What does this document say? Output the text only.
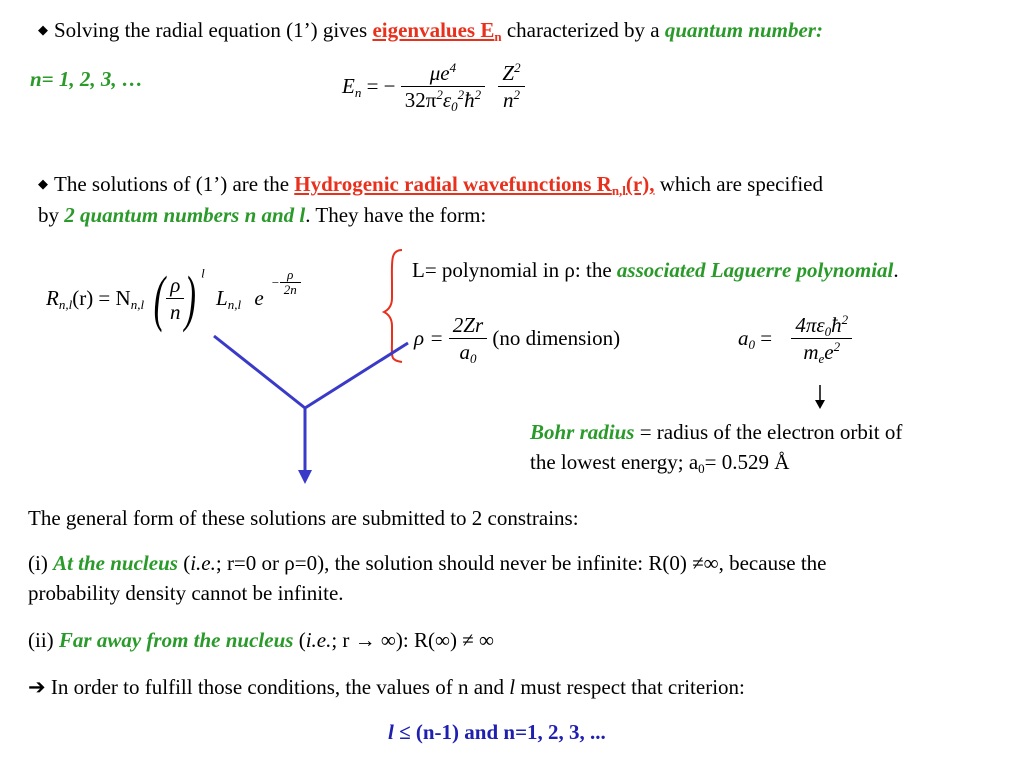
◆ Solving the radial equation (1’) gives eigenvalues $E_n$ characterized by a quantum number:
n= 1, 2, 3, …	$E_n$ = − $\frac{\mu e^4}{32\pi^2\varepsilon_0^2ħ^2}$
$\frac{Z^2}{n^2}$
◆ The solutions of (1’) are the Hydrogenic radial wavefunctions $R_{n,l}(r)$, which are specified
by 2 quantum numbers n and l. They have the form:
$R_{n,l}(r) = N_{n,l}$ ( $\frac{\rho}{n}$ ) $^l$ $L_{n,l}$ $e - \frac{\rho}{2n}$	L= polynomial in ρ: the associated Laguerre polynomial.
$\rho = \frac{2Zr}{a_0} (no$ dimension)	$a_0 = \frac{4\pi\varepsilon_0ħ^2}{m_ee^2}$
Bohr radius = radius of the electron orbit of
the lowest energy; $a_0= 0.529$ Å
The general form of these solutions are submitted to 2 constrains:
(i) At the nucleus (i.e.; r=0 or ρ=0), the solution should never be infinite: R(0) ≠∞, because the
probability density cannot be infinite.
(ii) Far away from the nucleus (i.e.; r → ∞): R(∞) ≠ ∞
➔ In order to fulfill those conditions, the values of n and l must respect that criterion:
l ≤ (n-1) and n=1, 2, 3, ...
